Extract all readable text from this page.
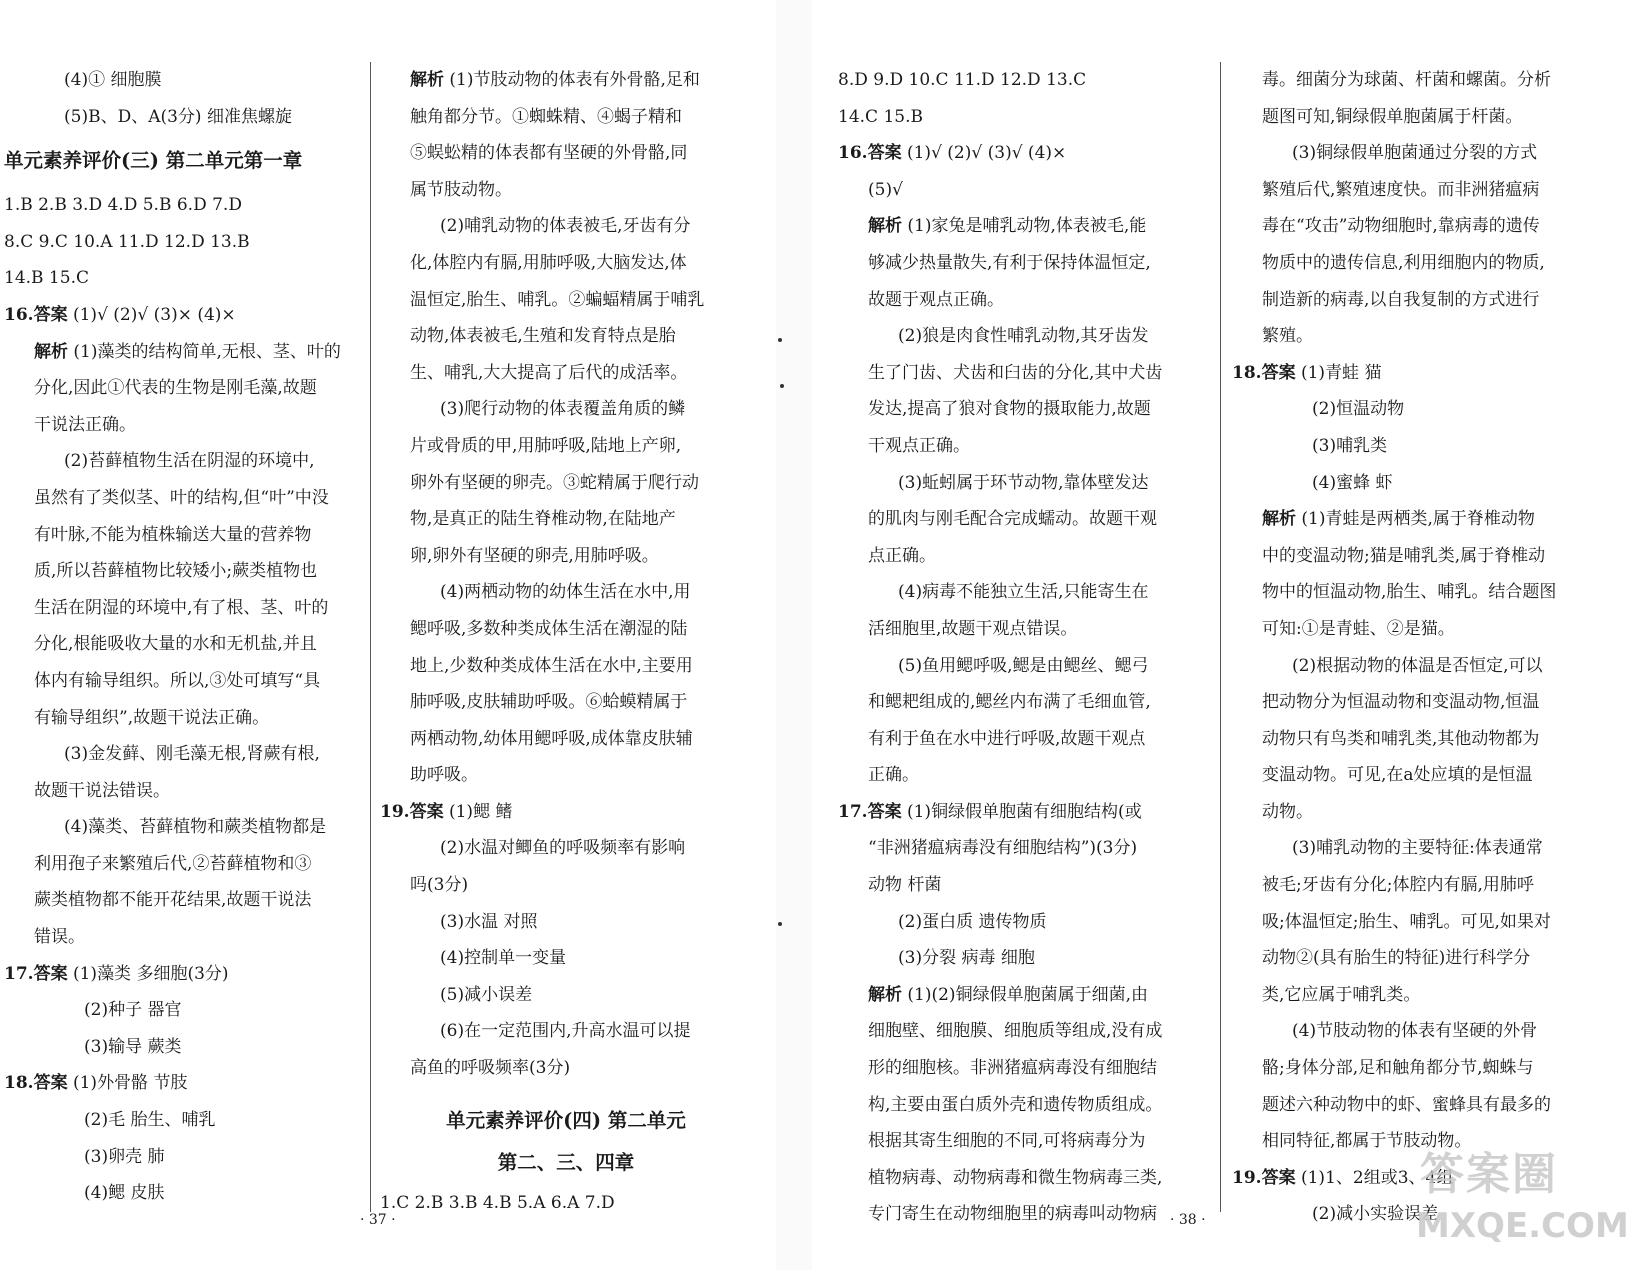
(4)① 细胞膜
(5)B、D、A(3分) 细准焦螺旋
单元素养评价(三) 第二单元第一章
1.B 2.B 3.D 4.D 5.B 6.D 7.D
8.C 9.C 10.A 11.D 12.D 13.B
14.B 15.C
16.答案 (1)√ (2)√ (3)× (4)×
解析 (1)藻类的结构简单,无根、茎、叶的
分化,因此①代表的生物是刚毛藻,故题
干说法正确。
(2)苔藓植物生活在阴湿的环境中,
虽然有了类似茎、叶的结构,但“叶”中没
有叶脉,不能为植株输送大量的营养物
质,所以苔藓植物比较矮小;蕨类植物也
生活在阴湿的环境中,有了根、茎、叶的
分化,根能吸收大量的水和无机盐,并且
体内有输导组织。所以,③处可填写“具
有输导组织”,故题干说法正确。
(3)金发藓、刚毛藻无根,肾蕨有根,
故题干说法错误。
(4)藻类、苔藓植物和蕨类植物都是
利用孢子来繁殖后代,②苔藓植物和③
蕨类植物都不能开花结果,故题干说法
错误。
17.答案 (1)藻类 多细胞(3分)
(2)种子 器官
(3)输导 蕨类
18.答案 (1)外骨骼 节肢
(2)毛 胎生、哺乳
(3)卵壳 肺
(4)鳃 皮肤
解析 (1)节肢动物的体表有外骨骼,足和
触角都分节。①蜘蛛精、④蝎子精和
⑤蜈蚣精的体表都有坚硬的外骨骼,同
属节肢动物。
(2)哺乳动物的体表被毛,牙齿有分
化,体腔内有膈,用肺呼吸,大脑发达,体
温恒定,胎生、哺乳。②蝙蝠精属于哺乳
动物,体表被毛,生殖和发育特点是胎
生、哺乳,大大提高了后代的成活率。
(3)爬行动物的体表覆盖角质的鳞
片或骨质的甲,用肺呼吸,陆地上产卵,
卵外有坚硬的卵壳。③蛇精属于爬行动
物,是真正的陆生脊椎动物,在陆地产
卵,卵外有坚硬的卵壳,用肺呼吸。
(4)两栖动物的幼体生活在水中,用
鳃呼吸,多数种类成体生活在潮湿的陆
地上,少数种类成体生活在水中,主要用
肺呼吸,皮肤辅助呼吸。⑥蛤蟆精属于
两栖动物,幼体用鳃呼吸,成体靠皮肤辅
助呼吸。
19.答案 (1)鳃 鳍
(2)水温对鲫鱼的呼吸频率有影响
吗(3分)
(3)水温 对照
(4)控制单一变量
(5)减小误差
(6)在一定范围内,升高水温可以提
高鱼的呼吸频率(3分)
单元素养评价(四) 第二单元
第二、三、四章
1.C 2.B 3.B 4.B 5.A 6.A 7.D
8.D 9.D 10.C 11.D 12.D 13.C
14.C 15.B
16.答案 (1)√ (2)√ (3)√ (4)×
(5)√
解析 (1)家兔是哺乳动物,体表被毛,能
够减少热量散失,有利于保持体温恒定,
故题于观点正确。
(2)狼是肉食性哺乳动物,其牙齿发
生了门齿、犬齿和臼齿的分化,其中犬齿
发达,提高了狼对食物的摄取能力,故题
干观点正确。
(3)蚯蚓属于环节动物,靠体壁发达
的肌肉与刚毛配合完成蠕动。故题干观
点正确。
(4)病毒不能独立生活,只能寄生在
活细胞里,故题干观点错误。
(5)鱼用鳃呼吸,鳃是由鳃丝、鳃弓
和鳃耙组成的,鳃丝内布满了毛细血管,
有利于鱼在水中进行呼吸,故题干观点
正确。
17.答案 (1)铜绿假单胞菌有细胞结构(或
“非洲猪瘟病毒没有细胞结构”)(3分)
动物 杆菌
(2)蛋白质 遗传物质
(3)分裂 病毒 细胞
解析 (1)(2)铜绿假单胞菌属于细菌,由
细胞壁、细胞膜、细胞质等组成,没有成
形的细胞核。非洲猪瘟病毒没有细胞结
构,主要由蛋白质外壳和遗传物质组成。
根据其寄生细胞的不同,可将病毒分为
植物病毒、动物病毒和微生物病毒三类,
专门寄生在动物细胞里的病毒叫动物病
毒。细菌分为球菌、杆菌和螺菌。分析
题图可知,铜绿假单胞菌属于杆菌。
(3)铜绿假单胞菌通过分裂的方式
繁殖后代,繁殖速度快。而非洲猪瘟病
毒在“攻击”动物细胞时,靠病毒的遗传
物质中的遗传信息,利用细胞内的物质,
制造新的病毒,以自我复制的方式进行
繁殖。
18.答案 (1)青蛙 猫
(2)恒温动物
(3)哺乳类
(4)蜜蜂 虾
解析 (1)青蛙是两栖类,属于脊椎动物
中的变温动物;猫是哺乳类,属于脊椎动
物中的恒温动物,胎生、哺乳。结合题图
可知:①是青蛙、②是猫。
(2)根据动物的体温是否恒定,可以
把动物分为恒温动物和变温动物,恒温
动物只有鸟类和哺乳类,其他动物都为
变温动物。可见,在a处应填的是恒温
动物。
(3)哺乳动物的主要特征:体表通常
被毛;牙齿有分化;体腔内有膈,用肺呼
吸;体温恒定;胎生、哺乳。可见,如果对
动物②(具有胎生的特征)进行科学分
类,它应属于哺乳类。
(4)节肢动物的体表有坚硬的外骨
骼;身体分部,足和触角都分节,蜘蛛与
题述六种动物中的虾、蜜蜂具有最多的
相同特征,都属于节肢动物。
19.答案 (1)1、2组或3、4组
(2)减小实验误差
· 37 ·	· 38 ·
答案圈
MXQE.COM
